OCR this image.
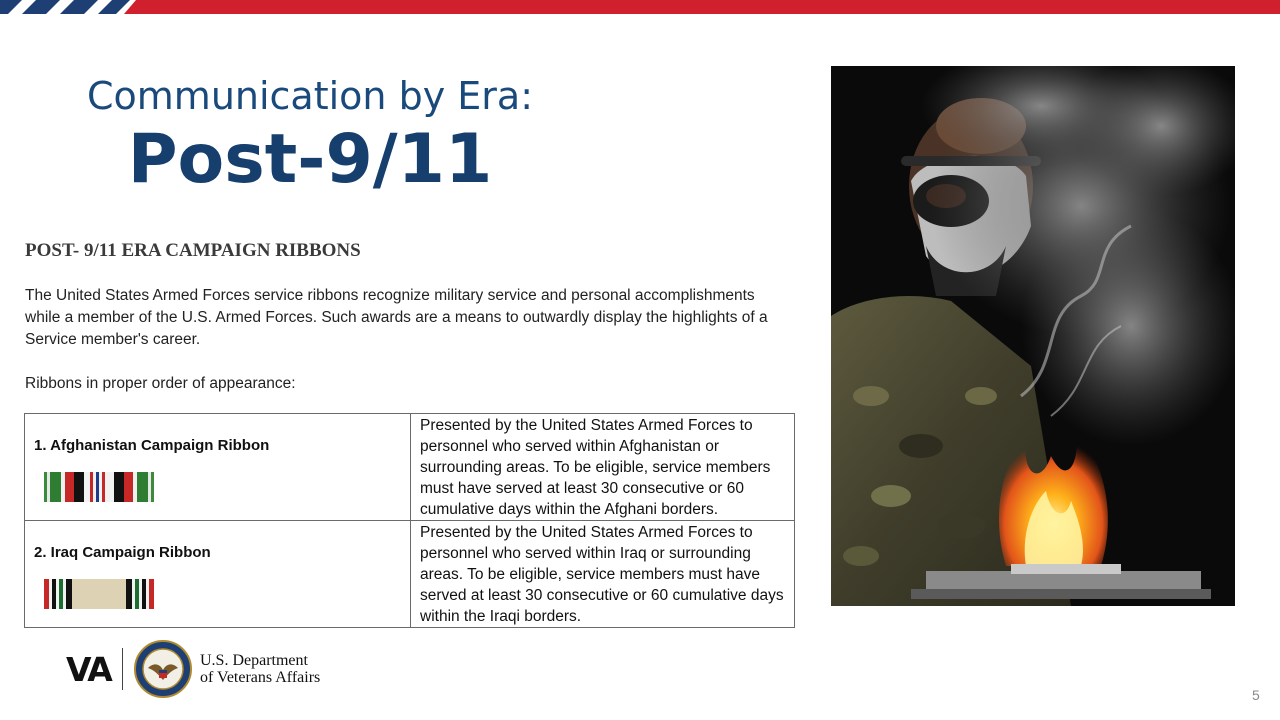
Communication by Era:
Post-9/11
POST- 9/11 ERA CAMPAIGN RIBBONS
The United States Armed Forces service ribbons recognize military service and personal accomplishments while a member of the U.S. Armed Forces. Such awards are a means to outwardly display the highlights of a Service member's career.
Ribbons in proper order of appearance:
1. Afghanistan Campaign Ribbon	Presented by the United States Armed Forces to personnel who served within Afghanistan or surrounding areas. To be eligible, service members must have served at least 30 consecutive or 60 cumulative days within the Afghani borders.

2. Iraq Campaign Ribbon	Presented by the United States Armed Forces to personnel who served within Iraq or surrounding areas. To be eligible, service members must have served at least 30 consecutive or 60 cumulative days within the Iraqi borders.
VA	U.S. Department
of Veterans Affairs
5
